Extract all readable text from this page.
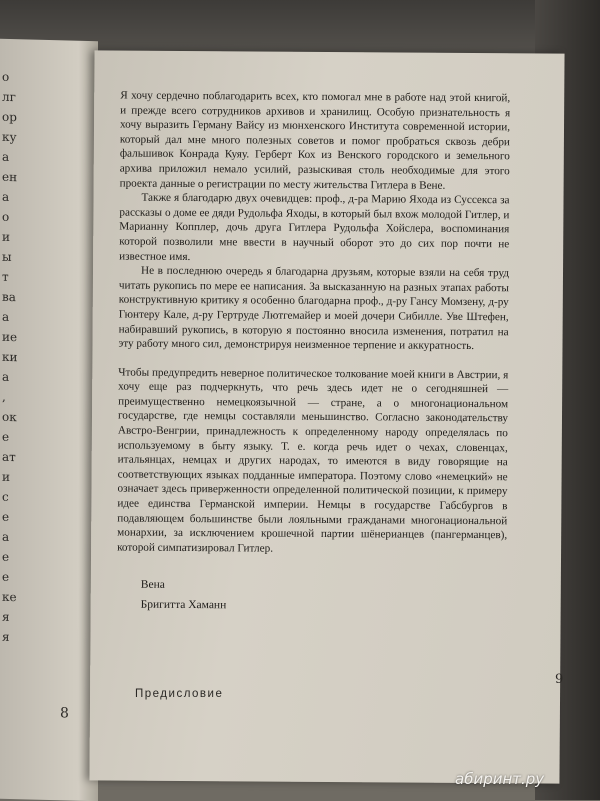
о
лг
ор
ку
а
ен
а
о
и
ы
т
ва
а
ие
ки
а
,
ок
е
ат
и
с
е
а
е
е
ке
я
я
8

Я хочу сердечно поблагодарить всех, кто помогал мне в работе над этой книгой, и прежде всего сотрудников архивов и хранилищ. Особую признательность я хочу выразить Герману Вайсу из мюнхенского Института современной истории, который дал мне много полезных советов и помог пробраться сквозь дебри фальшивок Конрада Куяу. Герберт Кох из Венского городского и земельного архива приложил немало усилий, разыскивая столь необходимые для этого проекта данные о регистрации по месту жительства Гитлера в Вене.

Также я благодарю двух очевидцев: проф., д-ра Марию Яхода из Суссекса за рассказы о доме ее дяди Рудольфа Яходы, в который был вхож молодой Гитлер, и Марианну Копплер, дочь друга Гитлера Рудольфа Хойслера, воспоминания которой позволили мне ввести в научный оборот это до сих пор почти не известное имя.

Не в последнюю очередь я благодарна друзьям, которые взяли на себя труд читать рукопись по мере ее написания. За высказанную на разных этапах работы конструктивную критику я особенно благодарна проф., д-ру Гансу Момзену, д-ру Гюнтеру Кале, д-ру Гертруде Лютгемайер и моей дочери Сибилле. Уве Штефен, набиравший рукопись, в которую я постоянно вносила изменения, потратил на эту работу много сил, демонстрируя неизменное терпение и аккуратность.

Чтобы предупредить неверное политическое толкование моей книги в Австрии, я хочу еще раз подчеркнуть, что речь здесь идет не о сегодняшней — преимущественно немецкоязычной — стране, а о многонациональном государстве, где немцы составляли меньшинство. Согласно законодательству Австро-Венгрии, принадлежность к определенному народу определялась по используемому в быту языку. Т. е. когда речь идет о чехах, словенцах, итальянцах, немцах и других народах, то имеются в виду говорящие на соответствующих языках подданные императора. Поэтому слово «немецкий» не означает здесь приверженности определенной политической позиции, к примеру идее единства Германской империи. Немцы в государстве Габсбургов в подавляющем большинстве были лояльными гражданами многонациональной монархии, за исключением крошечной партии шёнерианцев (пангерманцев), которой симпатизировал Гитлер.

Вена
Бригитта Хаманн
Предисловие
9
абиринт.ру
